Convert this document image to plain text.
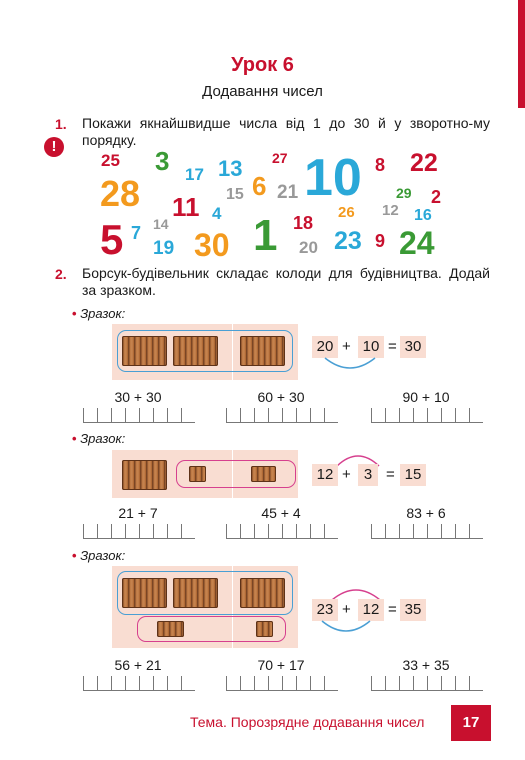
Урок 6
Додавання чисел
1. Покажи якнайшвидше числа від 1 до 30 й у зворотно-му порядку.
!
25 3 17 13 27 10 8 22
28	15 6 21	29 2
11 4	26 12 16
14
5 7
19 30 1 18
20 23 9 24
2. Борсук-будівельник складає колоди для будівництва. Додай за зразком.
• Зразок:
20 + 10 = 30
30 + 30	60 + 30	90 + 10
• Зразок:
12 + 3 = 15
21 + 7	45 + 4	83 + 6
• Зразок:
23 + 12 = 35
56 + 21	70 + 17	33 + 35
Тема. Порозрядне додавання чисел	17
